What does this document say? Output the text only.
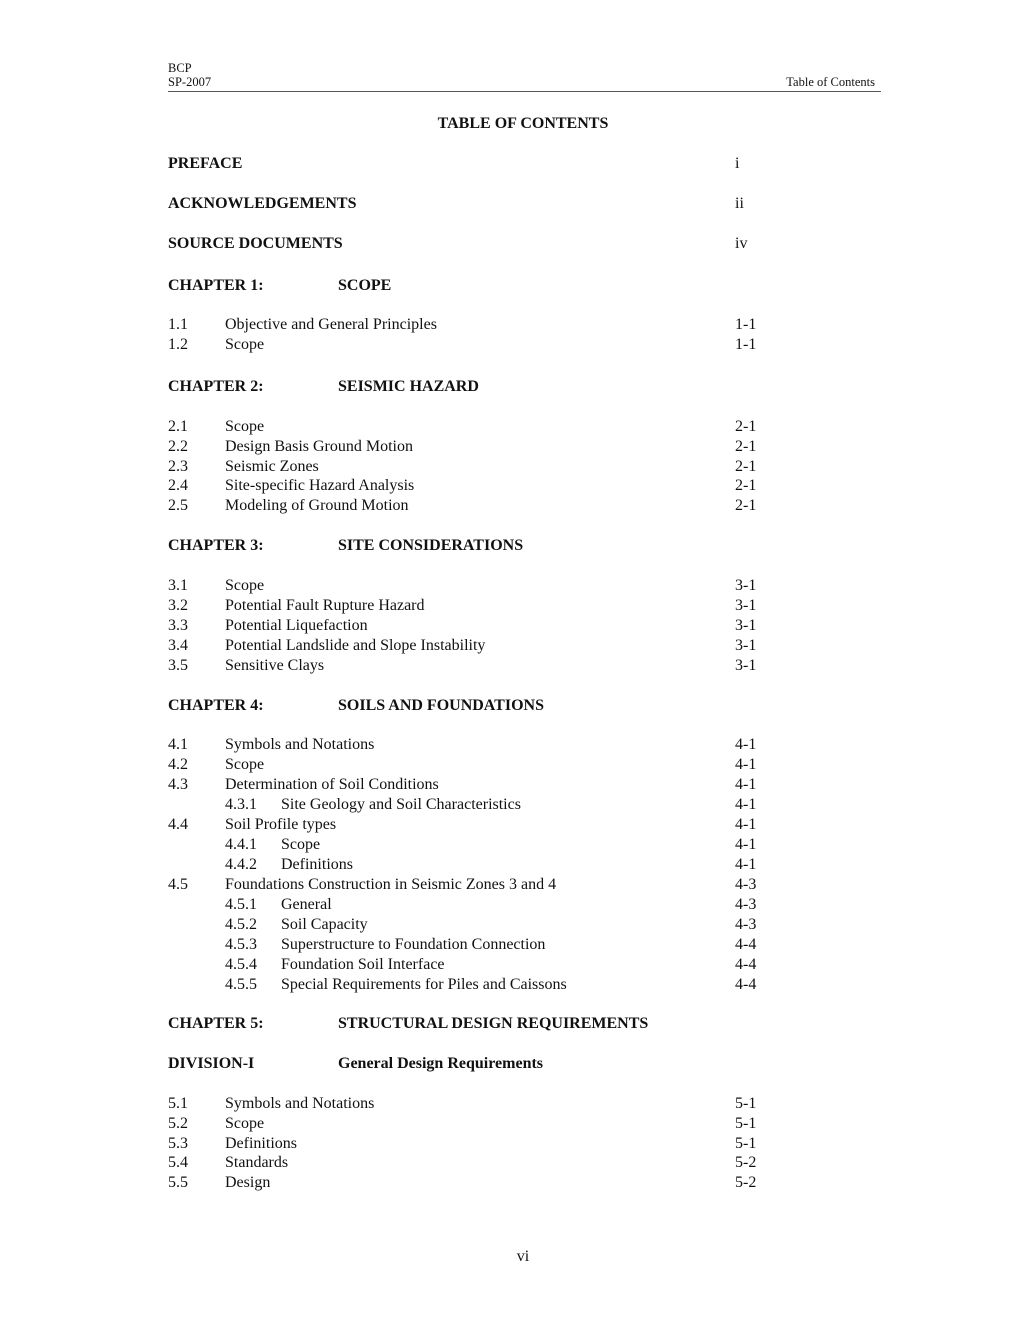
BCP
SP-2007	Table of Contents
TABLE OF CONTENTS
PREFACE	i
ACKNOWLEDGEMENTS	ii
SOURCE DOCUMENTS	iv
CHAPTER 1:	SCOPE
1.1 Objective and General Principles	1-1
1.2 Scope	1-1
CHAPTER 2:	SEISMIC HAZARD
2.1 Scope	2-1
2.2 Design Basis Ground Motion	2-1
2.3 Seismic Zones	2-1
2.4 Site-specific Hazard Analysis	2-1
2.5 Modeling of Ground Motion	2-1
CHAPTER 3:	SITE CONSIDERATIONS
3.1 Scope	3-1
3.2 Potential Fault Rupture Hazard	3-1
3.3 Potential Liquefaction	3-1
3.4 Potential Landslide and Slope Instability	3-1
3.5 Sensitive Clays	3-1
CHAPTER 4:	SOILS AND FOUNDATIONS
4.1 Symbols and Notations	4-1
4.2 Scope	4-1
4.3 Determination of Soil Conditions	4-1
4.3.1 Site Geology and Soil Characteristics	4-1
4.4 Soil Profile types	4-1
4.4.1 Scope	4-1
4.4.2 Definitions	4-1
4.5 Foundations Construction in Seismic Zones 3 and 4	4-3
4.5.1 General	4-3
4.5.2 Soil Capacity	4-3
4.5.3 Superstructure to Foundation Connection	4-4
4.5.4 Foundation Soil Interface	4-4
4.5.5 Special Requirements for Piles and Caissons	4-4
CHAPTER 5:	STRUCTURAL DESIGN REQUIREMENTS
DIVISION-I	General Design Requirements
5.1 Symbols and Notations	5-1
5.2 Scope	5-1
5.3 Definitions	5-1
5.4 Standards	5-2
5.5 Design	5-2
vi
